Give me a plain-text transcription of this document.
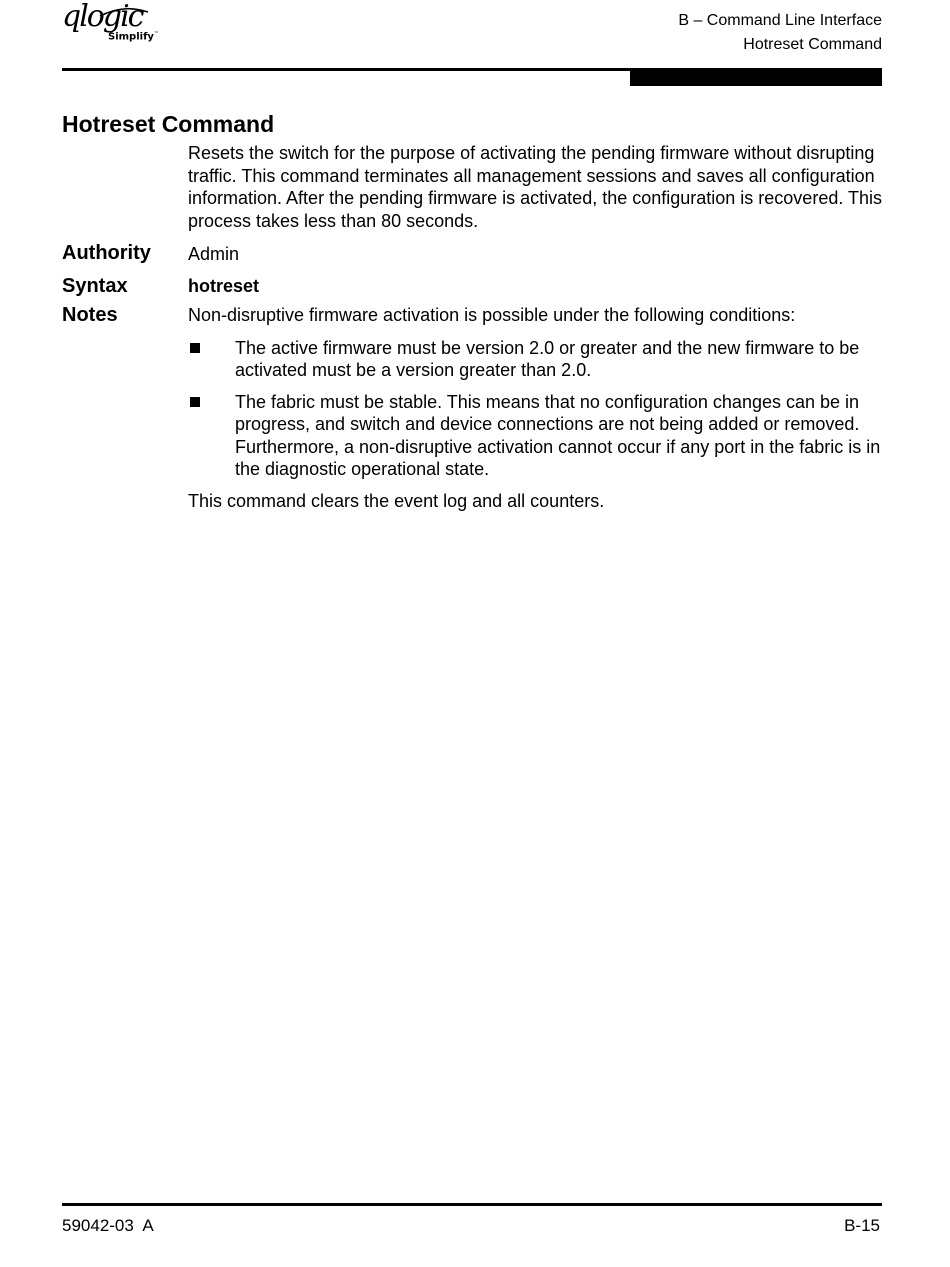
qlogic
Simplify™
B – Command Line Interface
Hotreset Command
Hotreset Command

Resets the switch for the purpose of activating the pending firmware without disrupting traffic. This command terminates all management sessions and saves all configuration information. After the pending firmware is activated, the configuration is recovered. This process takes less than 80 seconds.

Authority Admin
Syntax	hotreset
Notes	Non-disruptive firmware activation is possible under the following conditions:

The active firmware must be version 2.0 or greater and the new firmware to be activated must be a version greater than 2.0.
The fabric must be stable. This means that no configuration changes can be in progress, and switch and device connections are not being added or removed. Furthermore, a non-disruptive activation cannot occur if any port in the fabric is in the diagnostic operational state.

This command clears the event log and all counters.

59042-03  A	B-15
